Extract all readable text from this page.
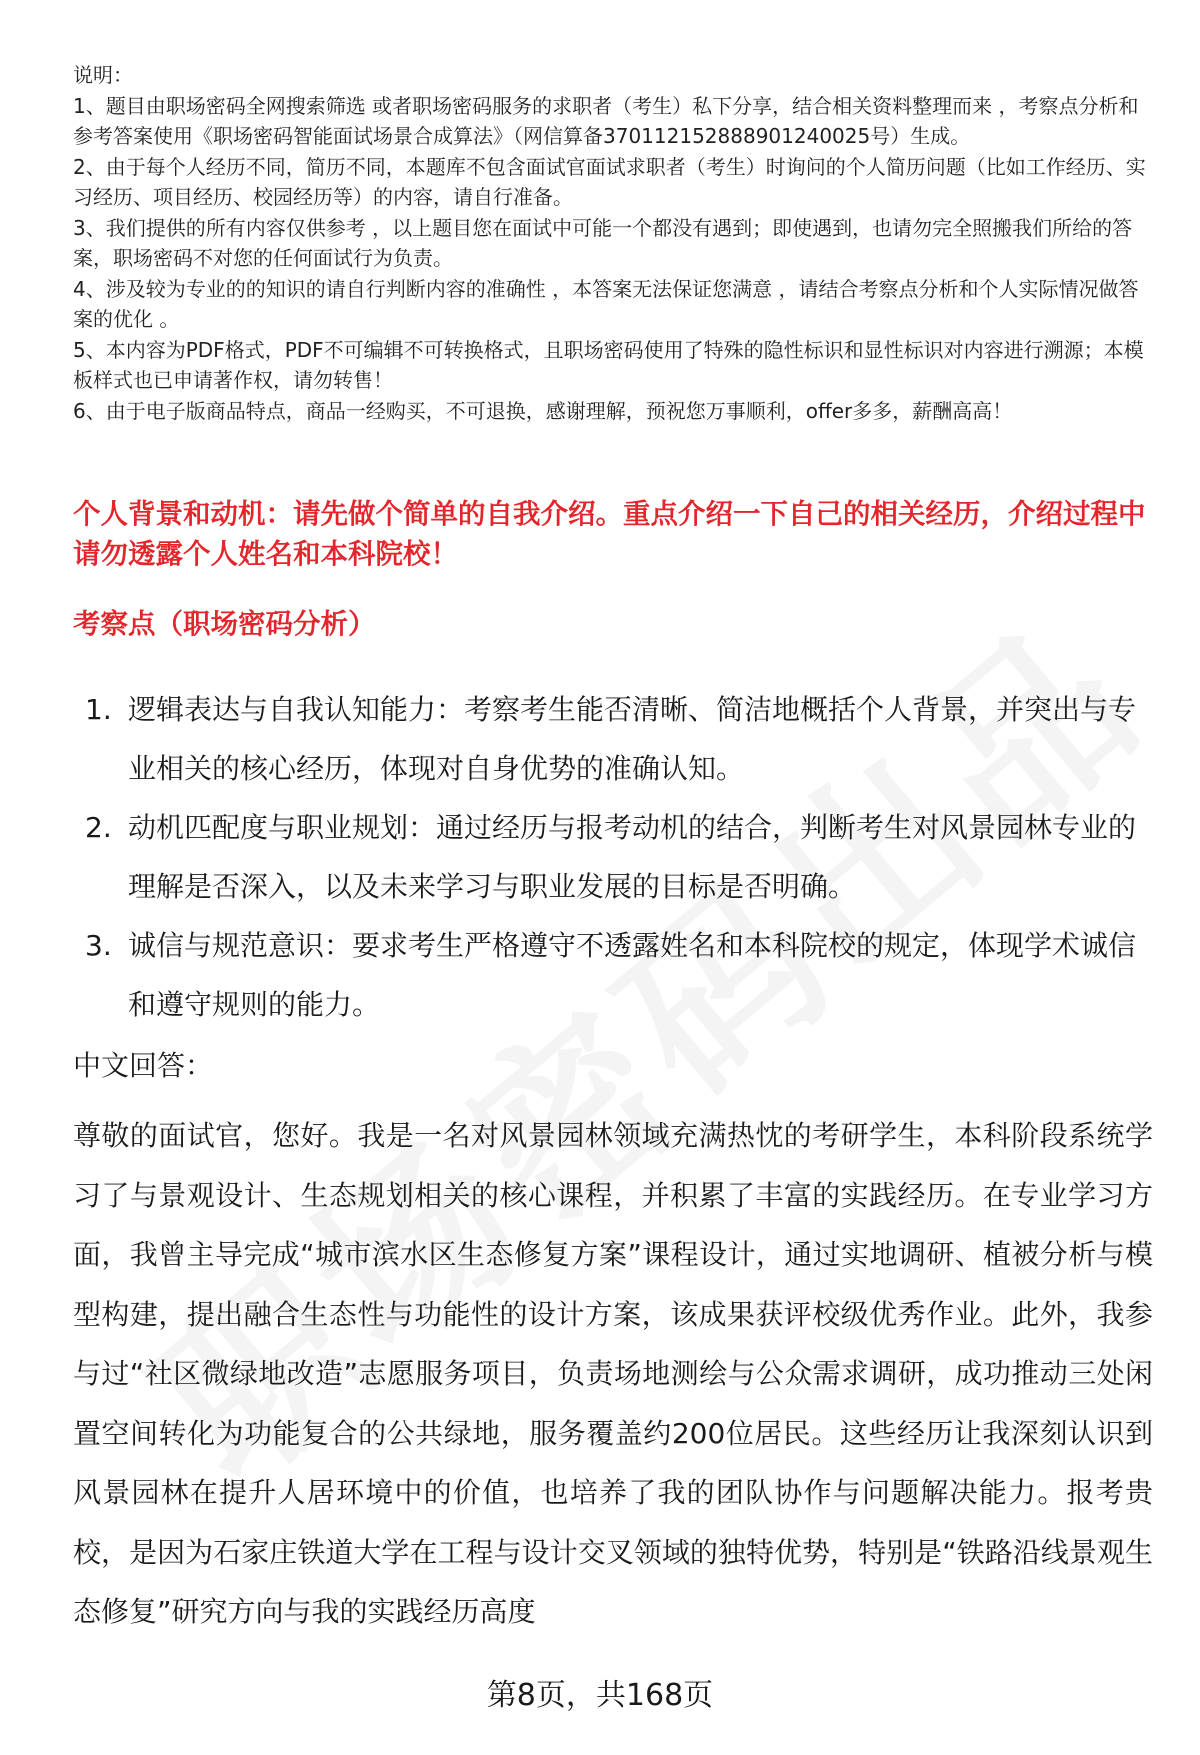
说明：

1、题目由职场密码全网搜索筛选 或者职场密码服务的求职者（考生）私下分享，结合相关资料整理而来 ，考察点分析和参考答案使用《职场密码智能面试场景合成算法》（网信算备370112152888901240025号）生成。

2、由于每个人经历不同，简历不同，本题库不包含面试官面试求职者（考生）时询问的个人简历问题（比如工作经历、实习经历、项目经历、校园经历等）的内容，请自行准备。

3、我们提供的所有内容仅供参考 ，以上题目您在面试中可能一个都没有遇到；即使遇到，也请勿完全照搬我们所给的答案，职场密码不对您的任何面试行为负责。

4、涉及较为专业的的知识的请自行判断内容的准确性 ，本答案无法保证您满意 ，请结合考察点分析和个人实际情况做答案的优化 。

5、本内容为PDF格式，PDF不可编辑不可转换格式，且职场密码使用了特殊的隐性标识和显性标识对内容进行溯源；本模板样式也已申请著作权，请勿转售！

6、由于电子版商品特点，商品一经购买，不可退换，感谢理解，预祝您万事顺利，offer多多，薪酬高高！

个人背景和动机：请先做个简单的自我介绍。重点介绍一下自己的相关经历，介绍过程中请勿透露个人姓名和本科院校！
考察点（职场密码分析）
1. 逻辑表达与自我认知能力：考察考生能否清晰、简洁地概括个人背景，并突出与专业相关的核心经历，体现对自身优势的准确认知。
2. 动机匹配度与职业规划：通过经历与报考动机的结合，判断考生对风景园林专业的理解是否深入，以及未来学习与职业发展的目标是否明确。
3. 诚信与规范意识：要求考生严格遵守不透露姓名和本科院校的规定，体现学术诚信和遵守规则的能力。

中文回答：

尊敬的面试官，您好。我是一名对风景园林领域充满热忱的考研学生，本科阶段系统学习了与景观设计、生态规划相关的核心课程，并积累了丰富的实践经历。在专业学习方面，我曾主导完成“城市滨水区生态修复方案”课程设计，通过实地调研、植被分析与模型构建，提出融合生态性与功能性的设计方案，该成果获评校级优秀作业。此外，我参与过“社区微绿地改造”志愿服务项目，负责场地测绘与公众需求调研，成功推动三处闲置空间转化为功能复合的公共绿地，服务覆盖约200位居民。这些经历让我深刻认识到风景园林在提升人居环境中的价值，也培养了我的团队协作与问题解决能力。报考贵校，是因为石家庄铁道大学在工程与设计交叉领域的独特优势，特别是“铁路沿线景观生态修复”研究方向与我的实践经历高度

第8页，共168页
